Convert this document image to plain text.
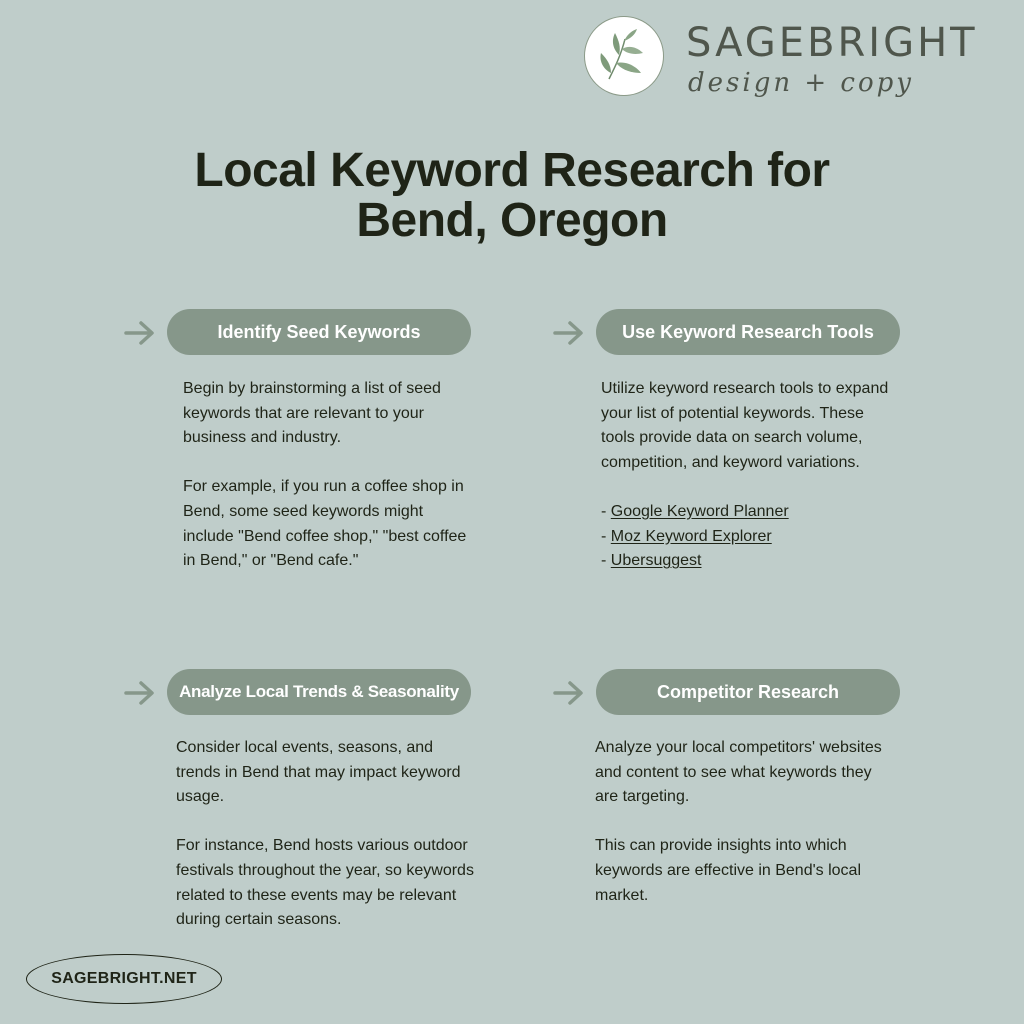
SAGEBRIGHT
design + copy
Local Keyword Research for
Bend, Oregon
Identify Seed Keywords

Begin by brainstorming a list of seed keywords that are relevant to your business and industry.

For example, if you run a coffee shop in Bend, some seed keywords might include "Bend coffee shop," "best coffee in Bend," or "Bend cafe."

Use Keyword Research Tools

Utilize keyword research tools to expand your list of potential keywords. These tools provide data on search volume, competition, and keyword variations.

- Google Keyword Planner
- Moz Keyword Explorer
- Ubersuggest
Analyze Local Trends & Seasonality

Consider local events, seasons, and trends in Bend that may impact keyword usage.

For instance, Bend hosts various outdoor festivals throughout the year, so keywords related to these events may be relevant during certain seasons.

Competitor Research

Analyze your local competitors' websites and content to see what keywords they are targeting.

This can provide insights into which keywords are effective in Bend's local market.

SAGEBRIGHT.NET
